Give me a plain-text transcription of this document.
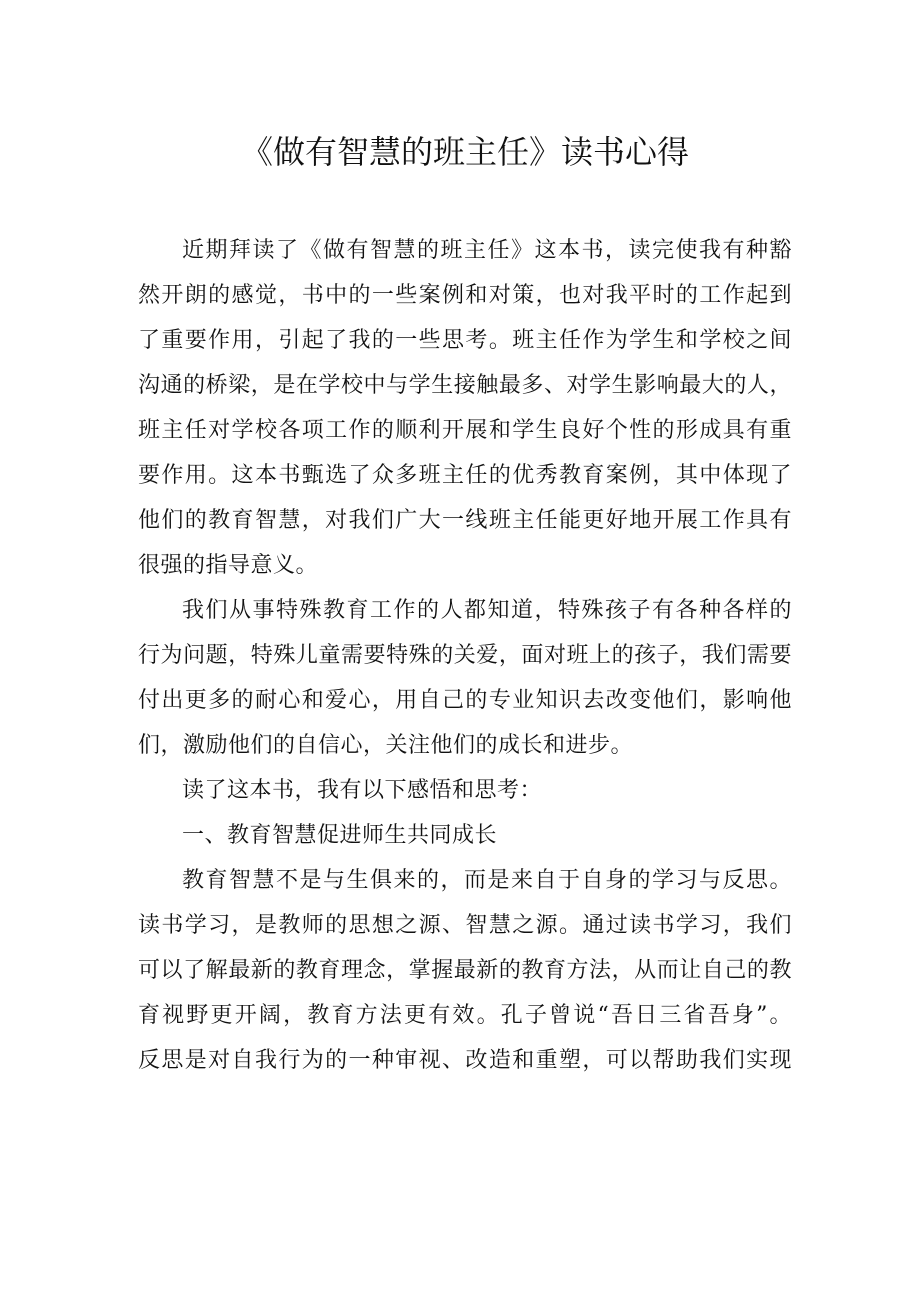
《做有智慧的班主任》读书心得

近期拜读了《做有智慧的班主任》这本书，读完使我有种豁
然开朗的感觉，书中的一些案例和对策，也对我平时的工作起到
了重要作用，引起了我的一些思考。班主任作为学生和学校之间
沟通的桥梁，是在学校中与学生接触最多、对学生影响最大的人，
班主任对学校各项工作的顺利开展和学生良好个性的形成具有重
要作用。这本书甄选了众多班主任的优秀教育案例，其中体现了
他们的教育智慧，对我们广大一线班主任能更好地开展工作具有
很强的指导意义。

我们从事特殊教育工作的人都知道，特殊孩子有各种各样的
行为问题，特殊儿童需要特殊的关爱，面对班上的孩子，我们需要
付出更多的耐心和爱心，用自己的专业知识去改变他们，影响他
们，激励他们的自信心，关注他们的成长和进步。

读了这本书，我有以下感悟和思考：

一、教育智慧促进师生共同成长

教育智慧不是与生俱来的，而是来自于自身的学习与反思。
读书学习，是教师的思想之源、智慧之源。通过读书学习，我们
可以了解最新的教育理念，掌握最新的教育方法，从而让自己的教
育视野更开阔，教育方法更有效。孔子曾说“吾日三省吾身”。
反思是对自我行为的一种审视、改造和重塑，可以帮助我们实现
